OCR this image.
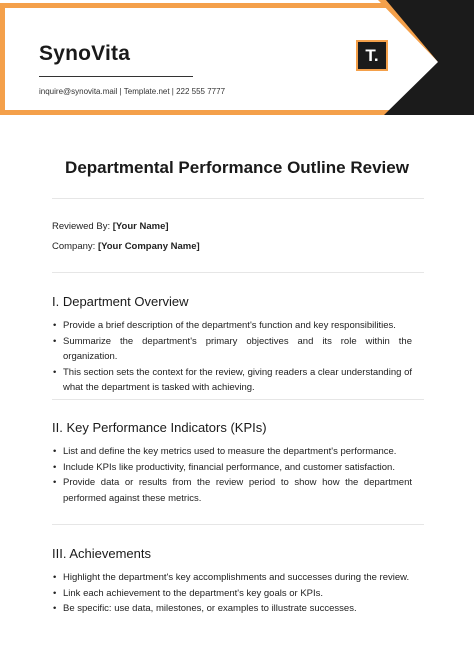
SynoVita
inquire@synovita.mail | Template.net | 222 555 7777
T.
Departmental Performance Outline Review
Reviewed By: [Your Name]
Company: [Your Company Name]
I. Department Overview
• Provide a brief description of the department's function and key responsibilities.
• Summarize the department's primary objectives and its role within the organization.
• This section sets the context for the review, giving readers a clear understanding of what the department is tasked with achieving.
II. Key Performance Indicators (KPIs)
• List and define the key metrics used to measure the department's performance.
• Include KPIs like productivity, financial performance, and customer satisfaction.
• Provide data or results from the review period to show how the department performed against these metrics.
III. Achievements
• Highlight the department's key accomplishments and successes during the review.
• Link each achievement to the department's key goals or KPIs.
• Be specific: use data, milestones, or examples to illustrate successes.
